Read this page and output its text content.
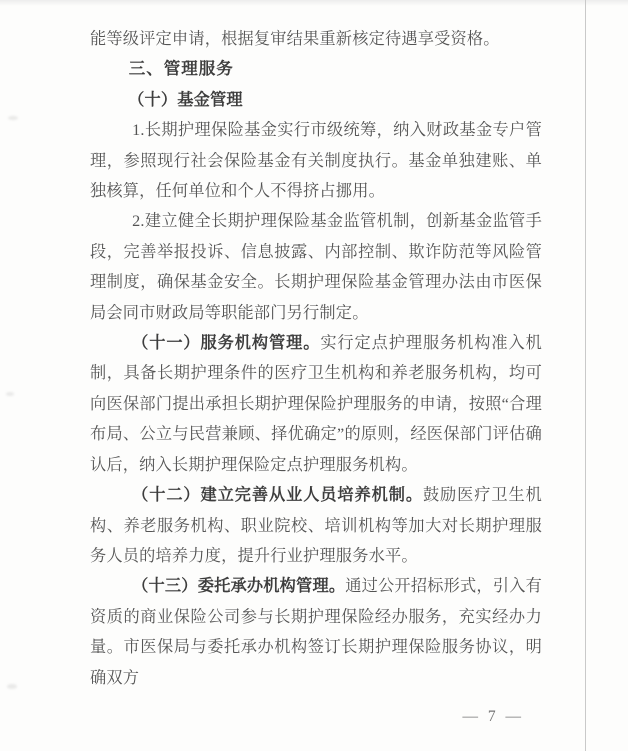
能等级评定申请，根据复审结果重新核定待遇享受资格。

三、管理服务

（十）基金管理

1.长期护理保险基金实行市级统筹，纳入财政基金专户管理，参照现行社会保险基金有关制度执行。基金单独建账、单独核算，任何单位和个人不得挤占挪用。

2.建立健全长期护理保险基金监管机制，创新基金监管手段，完善举报投诉、信息披露、内部控制、欺诈防范等风险管理制度，确保基金安全。长期护理保险基金管理办法由市医保局会同市财政局等职能部门另行制定。

（十一）服务机构管理。实行定点护理服务机构准入机制，具备长期护理条件的医疗卫生机构和养老服务机构，均可向医保部门提出承担长期护理保险护理服务的申请，按照“合理布局、公立与民营兼顾、择优确定”的原则，经医保部门评估确认后，纳入长期护理保险定点护理服务机构。

（十二）建立完善从业人员培养机制。鼓励医疗卫生机构、养老服务机构、职业院校、培训机构等加大对长期护理服务人员的培养力度，提升行业护理服务水平。

（十三）委托承办机构管理。通过公开招标形式，引入有资质的商业保险公司参与长期护理保险经办服务，充实经办力量。市医保局与委托承办机构签订长期护理保险服务协议，明确双方

— 7 —
